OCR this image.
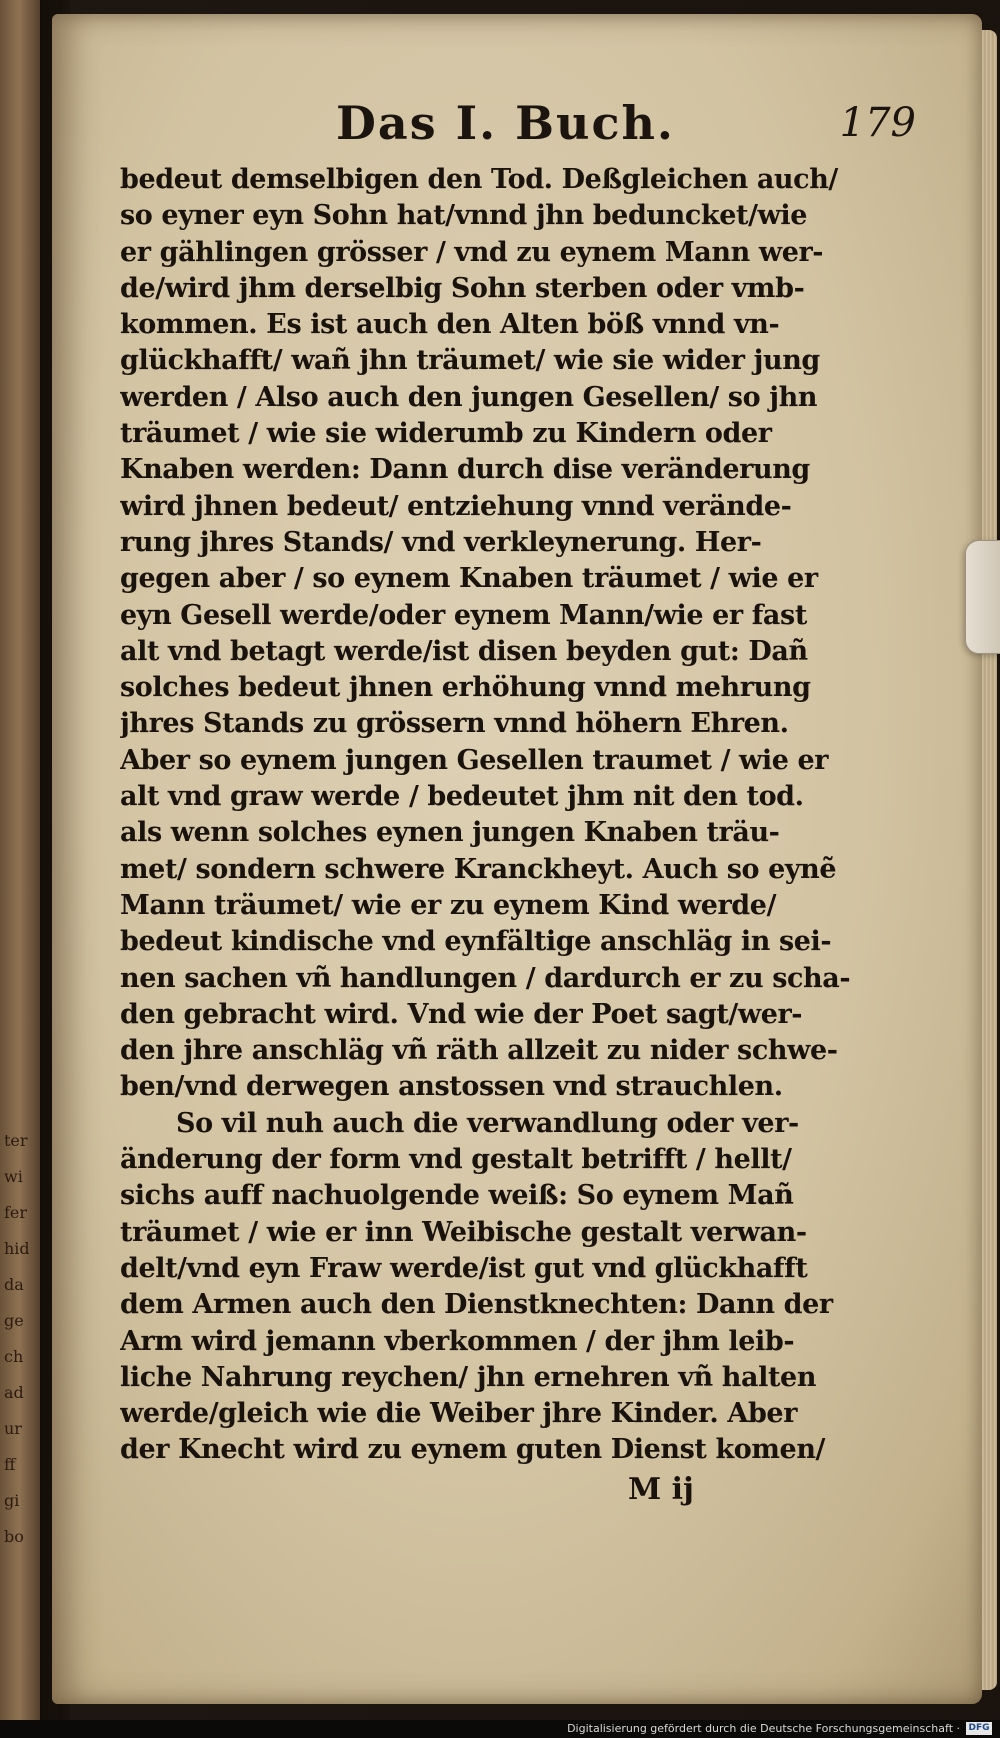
ter
wi
fer
hid
da
ge
ch
ad
ur
ff
gi
bo
Das I. Buch.	179
bedeut demselbigen den Tod. Deßgleichen auch/
so eyner eyn Sohn hat/vnnd jhn beduncket/wie
er gählingen grösser / vnd zu eynem Mann wer-
de/wird jhm derselbig Sohn sterben oder vmb-
kommen. Es ist auch den Alten böß vnnd vn-
glückhafft/ wañ jhn träumet/ wie sie wider jung
werden / Also auch den jungen Gesellen/ so jhn
träumet / wie sie widerumb zu Kindern oder
Knaben werden: Dann durch dise veränderung
wird jhnen bedeut/ entziehung vnnd verände-
rung jhres Stands/ vnd verkleynerung. Her-
gegen aber / so eynem Knaben träumet / wie er
eyn Gesell werde/oder eynem Mann/wie er fast
alt vnd betagt werde/ist disen beyden gut: Dañ
solches bedeut jhnen erhöhung vnnd mehrung
jhres Stands zu grössern vnnd höhern Ehren.
Aber so eynem jungen Gesellen traumet / wie er
alt vnd graw werde / bedeutet jhm nit den tod.
als wenn solches eynen jungen Knaben träu-
met/ sondern schwere Kranckheyt. Auch so eynẽ
Mann träumet/ wie er zu eynem Kind werde/
bedeut kindische vnd eynfältige anschläg in sei-
nen sachen vñ handlungen / dardurch er zu scha-
den gebracht wird. Vnd wie der Poet sagt/wer-
den jhre anschläg vñ räth allzeit zu nider schwe-
ben/vnd derwegen anstossen vnd strauchlen.
So vil nuh auch die verwandlung oder ver-
änderung der form vnd gestalt betrifft / hellt/
sichs auff nachuolgende weiß: So eynem Mañ
träumet / wie er inn Weibische gestalt verwan-
delt/vnd eyn Fraw werde/ist gut vnd glückhafft
dem Armen auch den Dienstknechten: Dann der
Arm wird jemann vberkommen / der jhm leib-
liche Nahrung reychen/ jhn ernehren vñ halten
werde/gleich wie die Weiber jhre Kinder. Aber
der Knecht wird zu eynem guten Dienst komen/
M ij
Digitalisierung gefördert durch die Deutsche Forschungsgemeinschaft · DFG
